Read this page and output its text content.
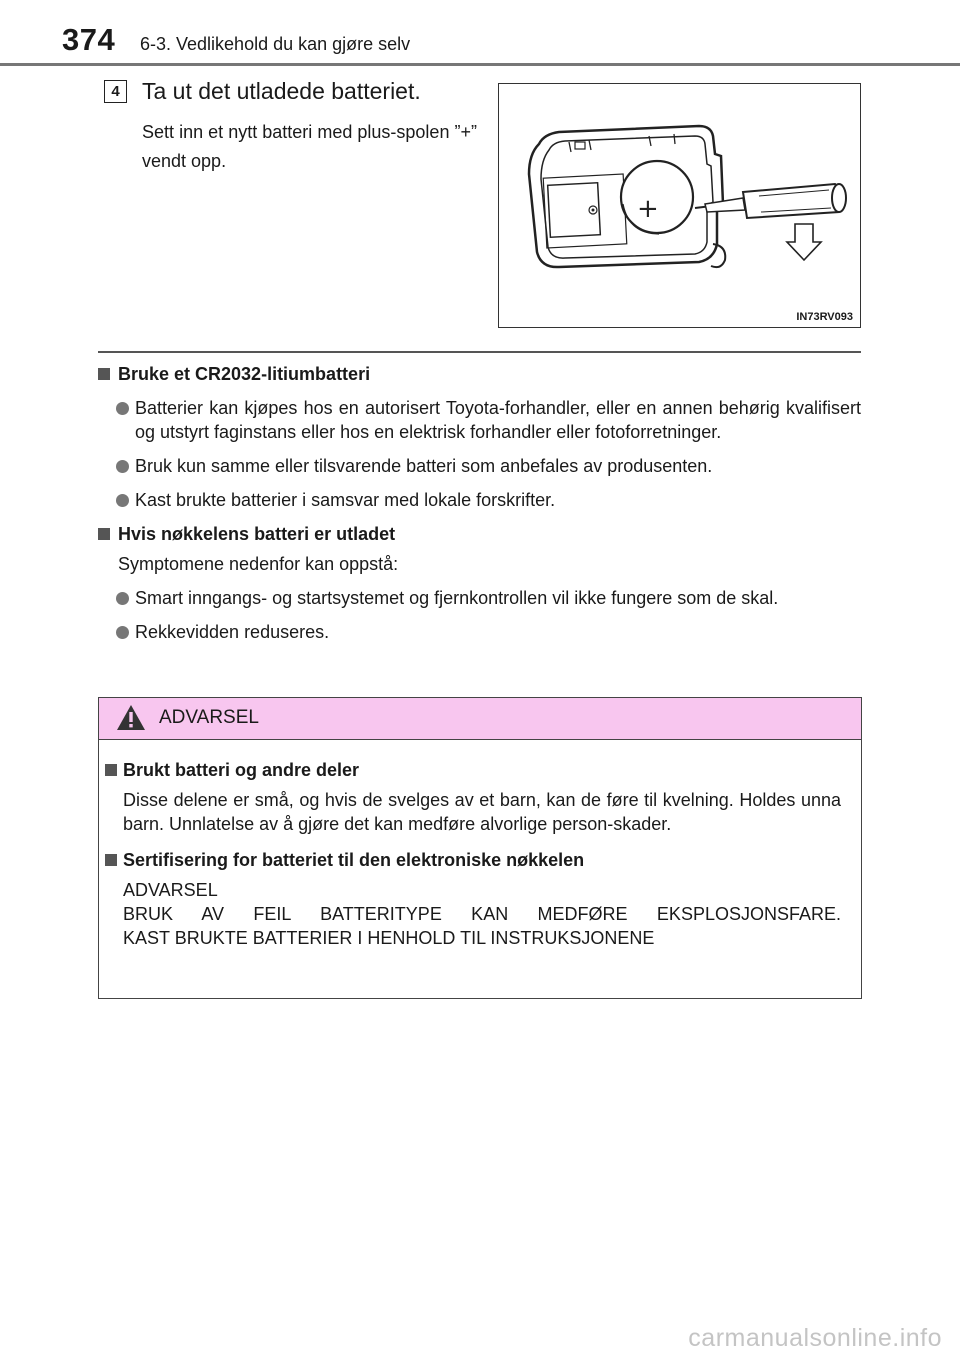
374 6-3. Vedlikehold du kan gjøre selv
4 Ta ut det utladede batteriet.
Sett inn et nytt batteri med plus-spolen ”+” vendt opp.
+
IN73RV093
Bruke et CR2032-litiumbatteri
Batterier kan kjøpes hos en autorisert Toyota-forhandler, eller en annen behørig kvalifisert og utstyrt faginstans eller hos en elektrisk forhandler eller fotoforretninger.
Bruk kun samme eller tilsvarende batteri som anbefales av produsenten.
Kast brukte batterier i samsvar med lokale forskrifter.
Hvis nøkkelens batteri er utladet
Symptomene nedenfor kan oppstå:
Smart inngangs- og startsystemet og fjernkontrollen vil ikke fungere som de skal.
Rekkevidden reduseres.
ADVARSEL
Brukt batteri og andre deler
Disse delene er små, og hvis de svelges av et barn, kan de føre til kvelning. Holdes unna barn. Unnlatelse av å gjøre det kan medføre alvorlige person-skader.
Sertifisering for batteriet til den elektroniske nøkkelen
ADVARSEL
BRUK AV FEIL BATTERITYPE KAN MEDFØRE EKSPLOSJONSFARE.
KAST BRUKTE BATTERIER I HENHOLD TIL INSTRUKSJONENE
carmanualsonline.info
